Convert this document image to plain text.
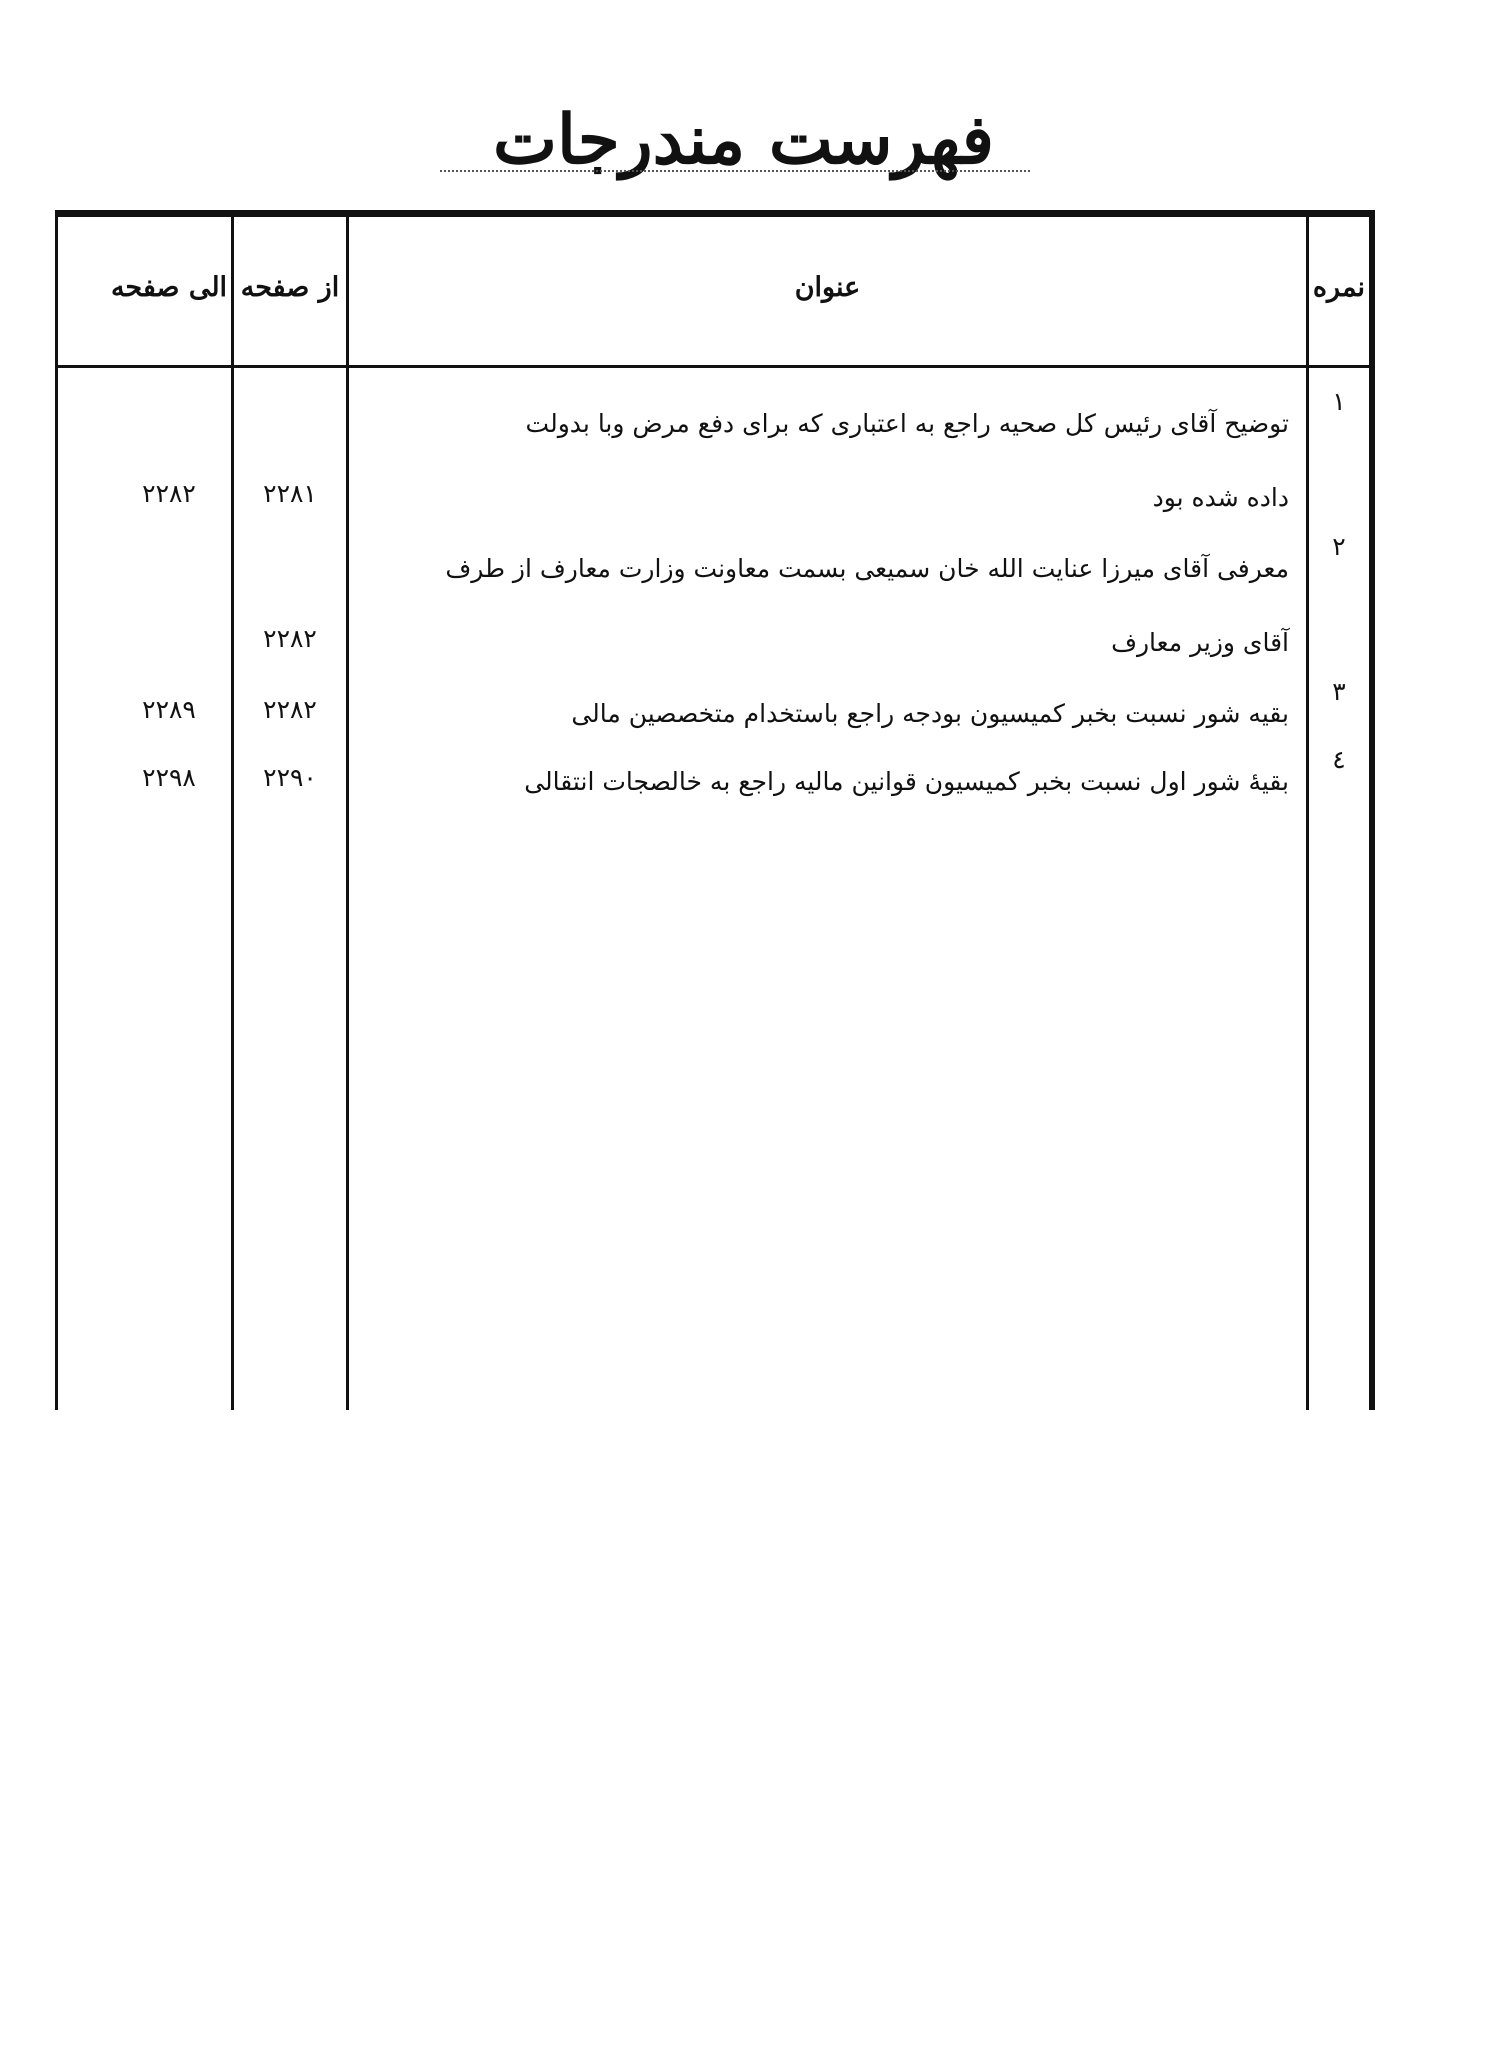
فهرست مندرجات
نمره
عنوان
از صفحه
الی صفحه
۱
توضیح آقای رئیس کل صحیه راجع به اعتباری که برای دفع مرض وبا بدولت
داده شده بود
۲۲۸۱
۲۲۸۲
۲
معرفی آقای میرزا عنایت الله خان سمیعی بسمت معاونت وزارت معارف از طرف
آقای وزیر معارف
۲۲۸۲
۳
بقیه شور نسبت بخبر کمیسیون بودجه راجع باستخدام متخصصین مالی
۲۲۸۲
۲۲۸۹
٤
بقیهٔ شور اول نسبت بخبر کمیسیون قوانین مالیه راجع به خالصجات انتقالی
۲۲۹۰
۲۲۹۸
